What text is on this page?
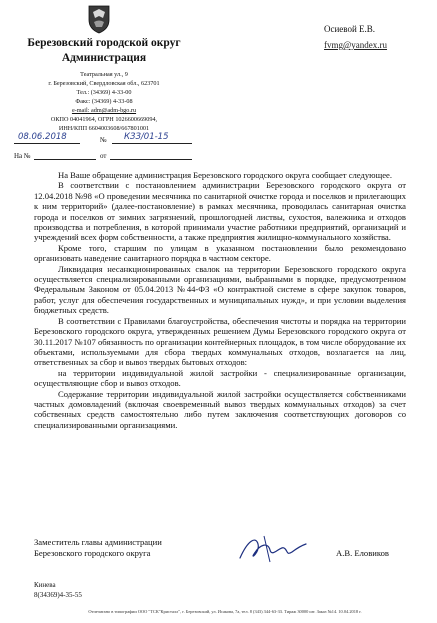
Березовский городской округ
Администрация
Театральная ул., 9
г. Березовский, Свердловская обл., 623701
Тел.: (34369) 4-33-00
Факс: (34369) 4-33-08
e-mail: adm@adm-bgo.ru
ОКПО 04041964, ОГРН 1026600669094,
ИНН/КПП 6604003608/667801001
08.06.2018	№ КЗЗ/01-15
На №	от
Осиевой Е.В.
fvmg@yandex.ru

На Ваше обращение администрация Березовского городского округа сообщает следующее.

В соответствии с постановлением администрации Березовского городского округа от 12.04.2018 №98 «О проведении месячника по санитарной очистке города и поселков и прилегающих к ним территорий» (далее-постановление) в рамках месячника, проводилась санитарная очистка города и поселков от зимних загрязнений, прошлогодней листвы, сухостоя, валежника и отходов производства и потребления, в которой принимали участие работники предприятий, организаций и учреждений всех форм собственности, а также предприятия жилищно-коммунального хозяйства.

Кроме того, старшим по улицам в указанном постановлении было рекомендовано организовать наведение санитарного порядка в частном секторе.

Ликвидация несанкционированных свалок на территории Березовского городского округа осуществляется специализированными организациями, выбранными в порядке, предусмотренном Федеральным Законом от 05.04.2013 №44-ФЗ «О контрактной системе в сфере закупок товаров, работ, услуг для обеспечения государственных и муниципальных нужд», и при условии выделения бюджетных средств.

В соответствии с Правилами благоустройства, обеспечения чистоты и порядка на территории Березовского городского округа, утвержденных решением Думы Березовского городского округа от 30.11.2017 №107 обязанность по организации контейнерных площадок, в том числе оборудование их объектами, используемыми для сбора твердых коммунальных отходов, возлагается на лиц, ответственных за сбор и вывоз твердых бытовых отходов:

на территории индивидуальной жилой застройки - специализированные организации, осуществляющие сбор и вывоз отходов.

Содержание территории индивидуальной жилой застройки осуществляется собственниками частных домовладений (включая своевременный вывоз твердых коммунальных отходов) за счет собственных средств самостоятельно либо путем заключения соответствующих договоров со специализированными организациями.

Заместитель главы администрации
Березовского городского округа	А.В. Еловиков
Кинева
8(34369)4-35-55
Отпечатано в типографии ООО "ТСК"Кристалл", г. Березовский, ул. Исакова, 7а, тел. 8 (343) 344-63-33. Тираж 30000 шт. Заказ №14. 10.04.2018 г.
